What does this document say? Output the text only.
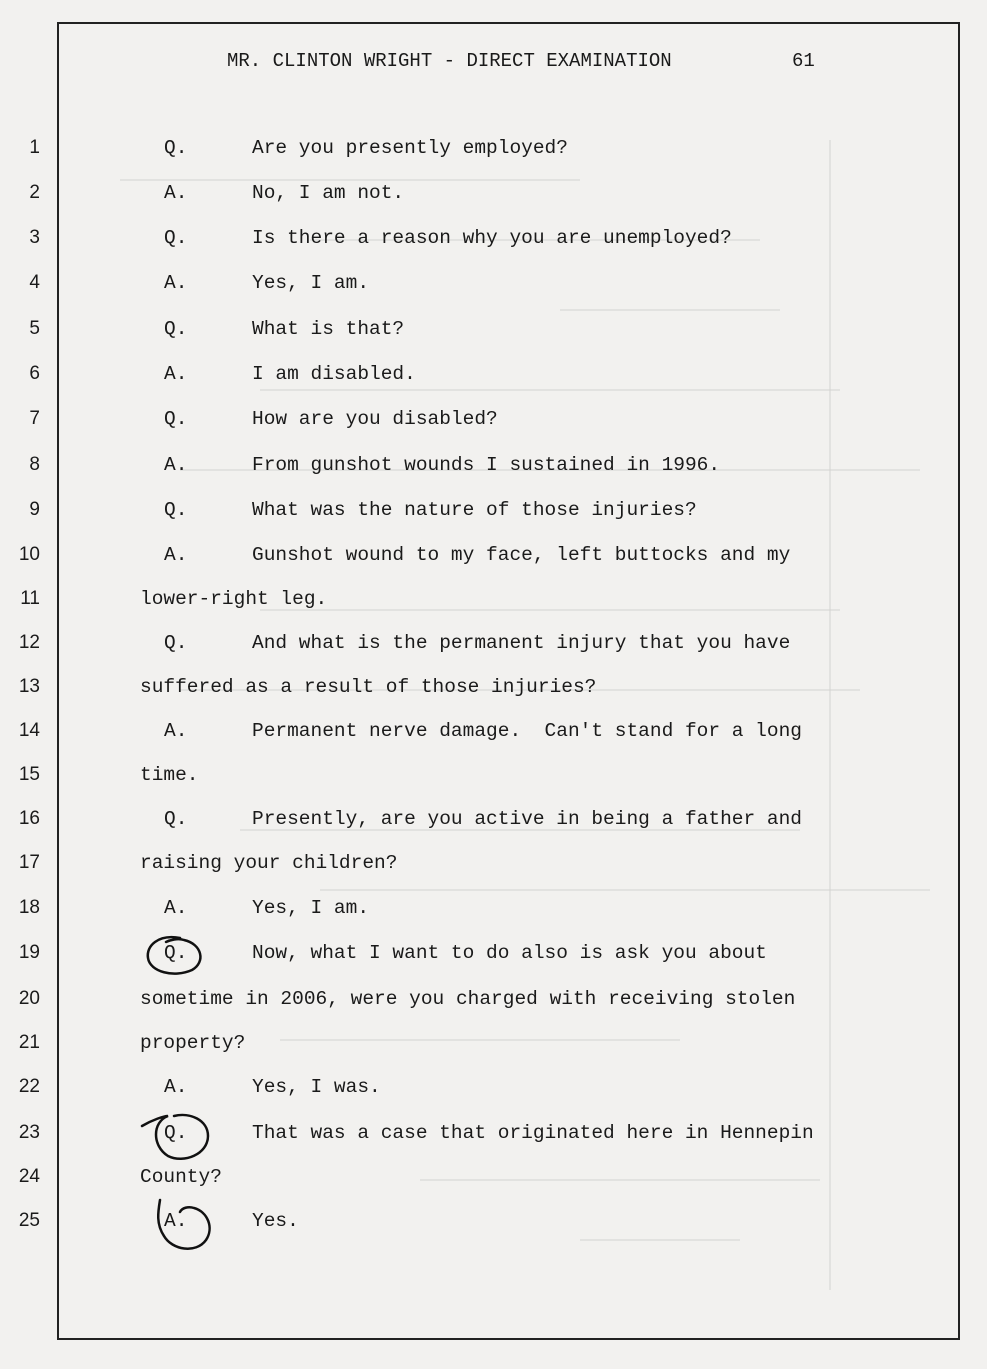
MR. CLINTON WRIGHT - DIRECT EXAMINATION	61
1	Q.	Are you presently employed?
2	A.	No, I am not.
3	Q.	Is there a reason why you are unemployed?
4	A.	Yes, I am.
5	Q.	What is that?
6	A.	I am disabled.
7	Q.	How are you disabled?
8	A.	From gunshot wounds I sustained in 1996.
9	Q.	What was the nature of those injuries?
10	A.	Gunshot wound to my face, left buttocks and my
11	lower-right leg.
12	Q.	And what is the permanent injury that you have
13	suffered as a result of those injuries?
14	A.	Permanent nerve damage.  Can't stand for a long
15	time.
16	Q.	Presently, are you active in being a father and
17	raising your children?
18	A.	Yes, I am.
19	Q.	Now, what I want to do also is ask you about
20	sometime in 2006, were you charged with receiving stolen
21	property?
22	A.	Yes, I was.
23	Q.	That was a case that originated here in Hennepin
24	County?
25	A.	Yes.
